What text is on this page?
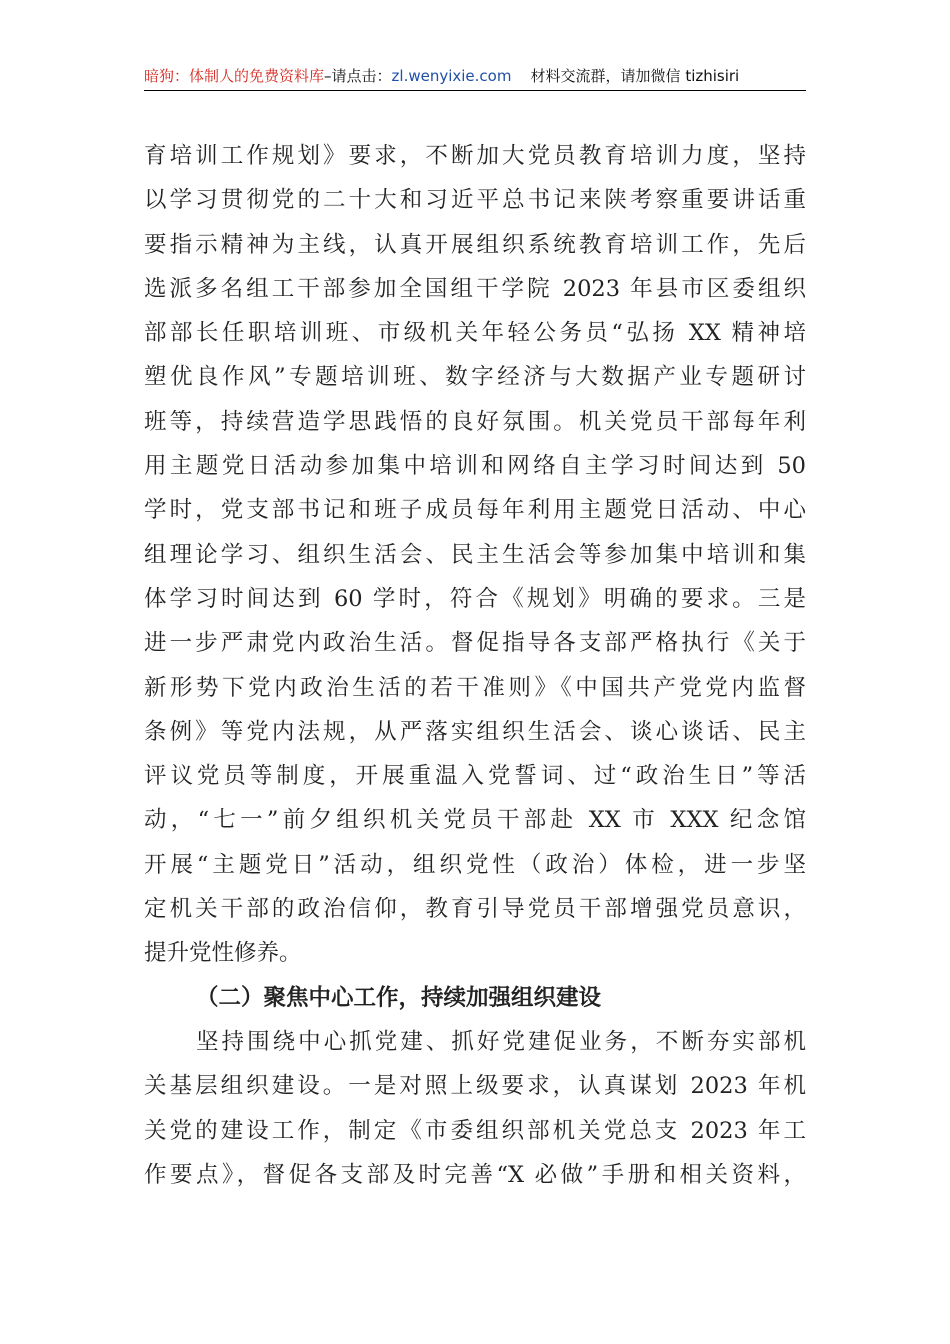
暗狗：体制人的免费资料库–请点击：zl.wenyixie.com 材料交流群，请加微信 tizhisiri
育培训工作规划》要求，不断加大党员教育培训力度，坚持
以学习贯彻党的二十大和习近平总书记来陕考察重要讲话重
要指示精神为主线，认真开展组织系统教育培训工作，先后
选派多名组工干部参加全国组干学院 2023 年县市区委组织
部部长任职培训班、市级机关年轻公务员“弘扬 XX 精神培
塑优良作风”专题培训班、数字经济与大数据产业专题研讨
班等，持续营造学思践悟的良好氛围。机关党员干部每年利
用主题党日活动参加集中培训和网络自主学习时间达到 50
学时，党支部书记和班子成员每年利用主题党日活动、中心
组理论学习、组织生活会、民主生活会等参加集中培训和集
体学习时间达到 60 学时，符合《规划》明确的要求。三是
进一步严肃党内政治生活。督促指导各支部严格执行《关于
新形势下党内政治生活的若干准则》《中国共产党党内监督
条例》等党内法规，从严落实组织生活会、谈心谈话、民主
评议党员等制度，开展重温入党誓词、过“政治生日”等活
动，“七一”前夕组织机关党员干部赴 XX 市 XXX 纪念馆
开展“主题党日”活动，组织党性（政治）体检，进一步坚
定机关干部的政治信仰，教育引导党员干部增强党员意识，
提升党性修养。
（二）聚焦中心工作，持续加强组织建设
坚持围绕中心抓党建、抓好党建促业务，不断夯实部机
关基层组织建设。一是对照上级要求，认真谋划 2023 年机
关党的建设工作，制定《市委组织部机关党总支 2023 年工
作要点》，督促各支部及时完善“X 必做”手册和相关资料，
